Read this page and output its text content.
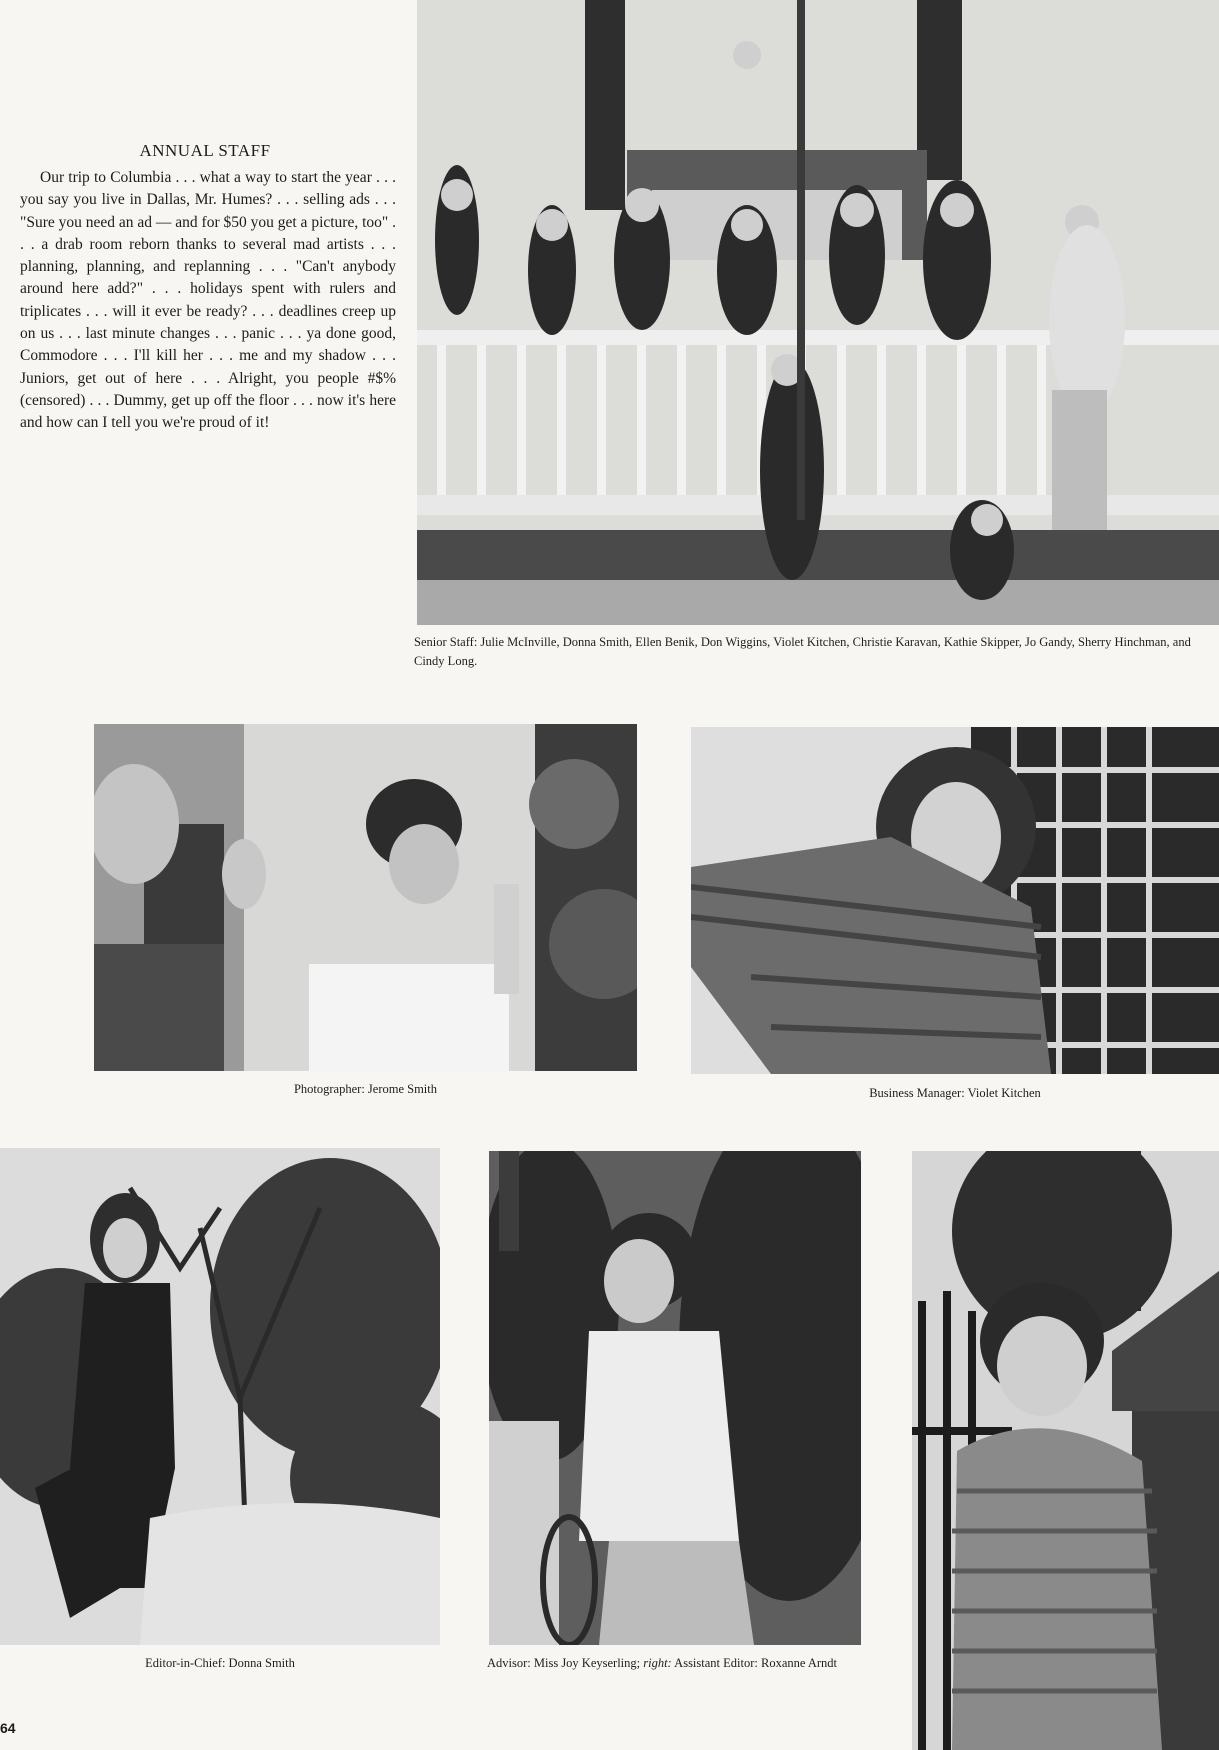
ANNUAL STAFF
Our trip to Columbia . . . what a way to start the year . . . you say you live in Dallas, Mr. Humes? . . . selling ads . . . "Sure you need an ad — and for $50 you get a picture, too" . . . a drab room reborn thanks to several mad artists . . . planning, planning, and replanning . . . "Can't anybody around here add?" . . . holidays spent with rulers and triplicates . . . will it ever be ready? . . . deadlines creep up on us . . . last minute changes . . . panic . . . ya done good, Commodore . . . I'll kill her . . . me and my shadow . . . Juniors, get out of here . . . Alright, you people #$% (censored) . . . Dummy, get up off the floor . . . now it's here and how can I tell you we're proud of it!
Senior Staff: Julie McInville, Donna Smith, Ellen Benik, Don Wiggins, Violet Kitchen, Christie Karavan, Kathie Skipper, Jo Gandy, Sherry Hinchman, and Cindy Long.
Photographer: Jerome Smith	Business Manager: Violet Kitchen
Editor-in-Chief: Donna Smith	Advisor: Miss Joy Keyserling; right: Assistant Editor: Roxanne Arndt
64
